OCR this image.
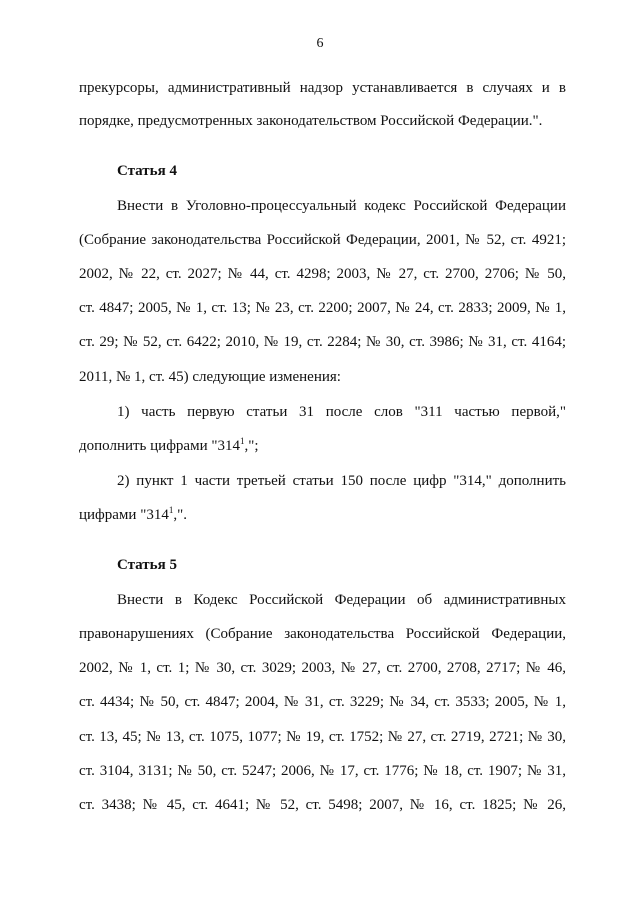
6
прекурсоры, административный надзор устанавливается в случаях и в
порядке, предусмотренных законодательством Российской Федерации.".
Статья 4
Внести в Уголовно-процессуальный кодекс Российской Федерации
(Собрание законодательства Российской Федерации, 2001, № 52, ст. 4921;
2002, № 22, ст. 2027; № 44, ст. 4298; 2003, № 27, ст. 2700, 2706; № 50,
ст. 4847; 2005, № 1, ст. 13; № 23, ст. 2200; 2007, № 24, ст. 2833; 2009, № 1,
ст. 29; № 52, ст. 6422; 2010, № 19, ст. 2284; № 30, ст. 3986; № 31, ст. 4164;
2011, № 1, ст. 45) следующие изменения:
1) часть первую статьи 31 после слов "311 частью первой,"
дополнить цифрами "$314^1$,";
2) пункт 1 части третьей статьи 150 после цифр "314," дополнить
цифрами "$314^1$,".
Статья 5
Внести в Кодекс Российской Федерации об административных
правонарушениях (Собрание законодательства Российской Федерации,
2002, № 1, ст. 1; № 30, ст. 3029; 2003, № 27, ст. 2700, 2708, 2717; № 46,
ст. 4434; № 50, ст. 4847; 2004, № 31, ст. 3229; № 34, ст. 3533; 2005, № 1,
ст. 13, 45; № 13, ст. 1075, 1077; № 19, ст. 1752; № 27, ст. 2719, 2721; № 30,
ст. 3104, 3131; № 50, ст. 5247; 2006, № 17, ст. 1776; № 18, ст. 1907; № 31,
ст. 3438; № 45, ст. 4641; № 52, ст. 5498; 2007, № 16, ст. 1825; № 26,
